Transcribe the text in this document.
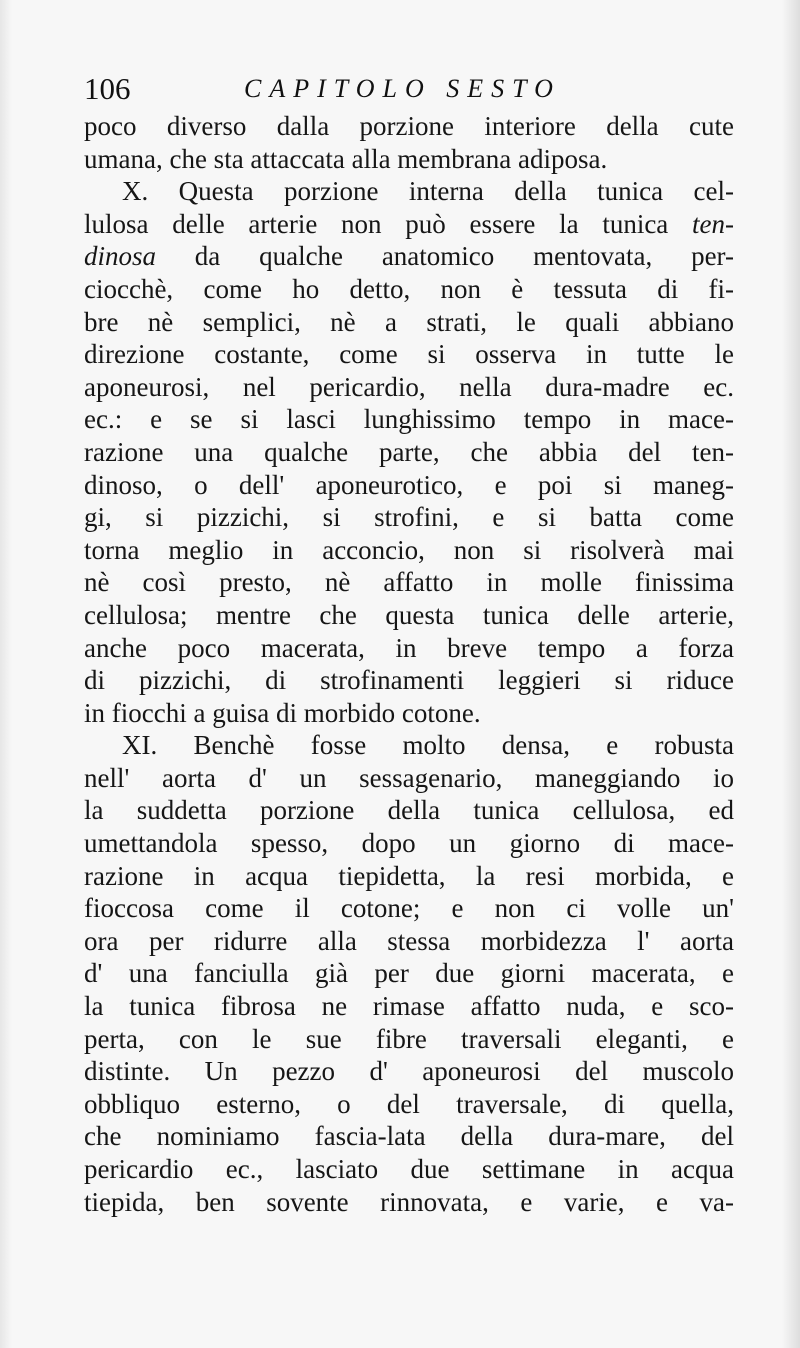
106	CAPITOLO SESTO
poco diverso dalla porzione interiore della cute
umana, che sta attaccata alla membrana adiposa.
X. Questa porzione interna della tunica cel-
lulosa delle arterie non può essere la tunica ten-
dinosa da qualche anatomico mentovata, per-
ciocchè, come ho detto, non è tessuta di fi-
bre nè semplici, nè a strati, le quali abbiano
direzione costante, come si osserva in tutte le
aponeurosi, nel pericardio, nella dura-madre ec.
ec.: e se si lasci lunghissimo tempo in mace-
razione una qualche parte, che abbia del ten-
dinoso, o dell' aponeurotico, e poi si maneg-
gi, si pizzichi, si strofini, e si batta come
torna meglio in acconcio, non si risolverà mai
nè così presto, nè affatto in molle finissima
cellulosa; mentre che questa tunica delle arterie,
anche poco macerata, in breve tempo a forza
di pizzichi, di strofinamenti leggieri si riduce
in fiocchi a guisa di morbido cotone.
XI. Benchè fosse molto densa, e robusta
nell' aorta d' un sessagenario, maneggiando io
la suddetta porzione della tunica cellulosa, ed
umettandola spesso, dopo un giorno di mace-
razione in acqua tiepidetta, la resi morbida, e
fioccosa come il cotone; e non ci volle un'
ora per ridurre alla stessa morbidezza l' aorta
d' una fanciulla già per due giorni macerata, e
la tunica fibrosa ne rimase affatto nuda, e sco-
perta, con le sue fibre traversali eleganti, e
distinte. Un pezzo d' aponeurosi del muscolo
obbliquo esterno, o del traversale, di quella,
che nominiamo fascia-lata della dura-mare, del
pericardio ec., lasciato due settimane in acqua
tiepida, ben sovente rinnovata, e varie, e va-
